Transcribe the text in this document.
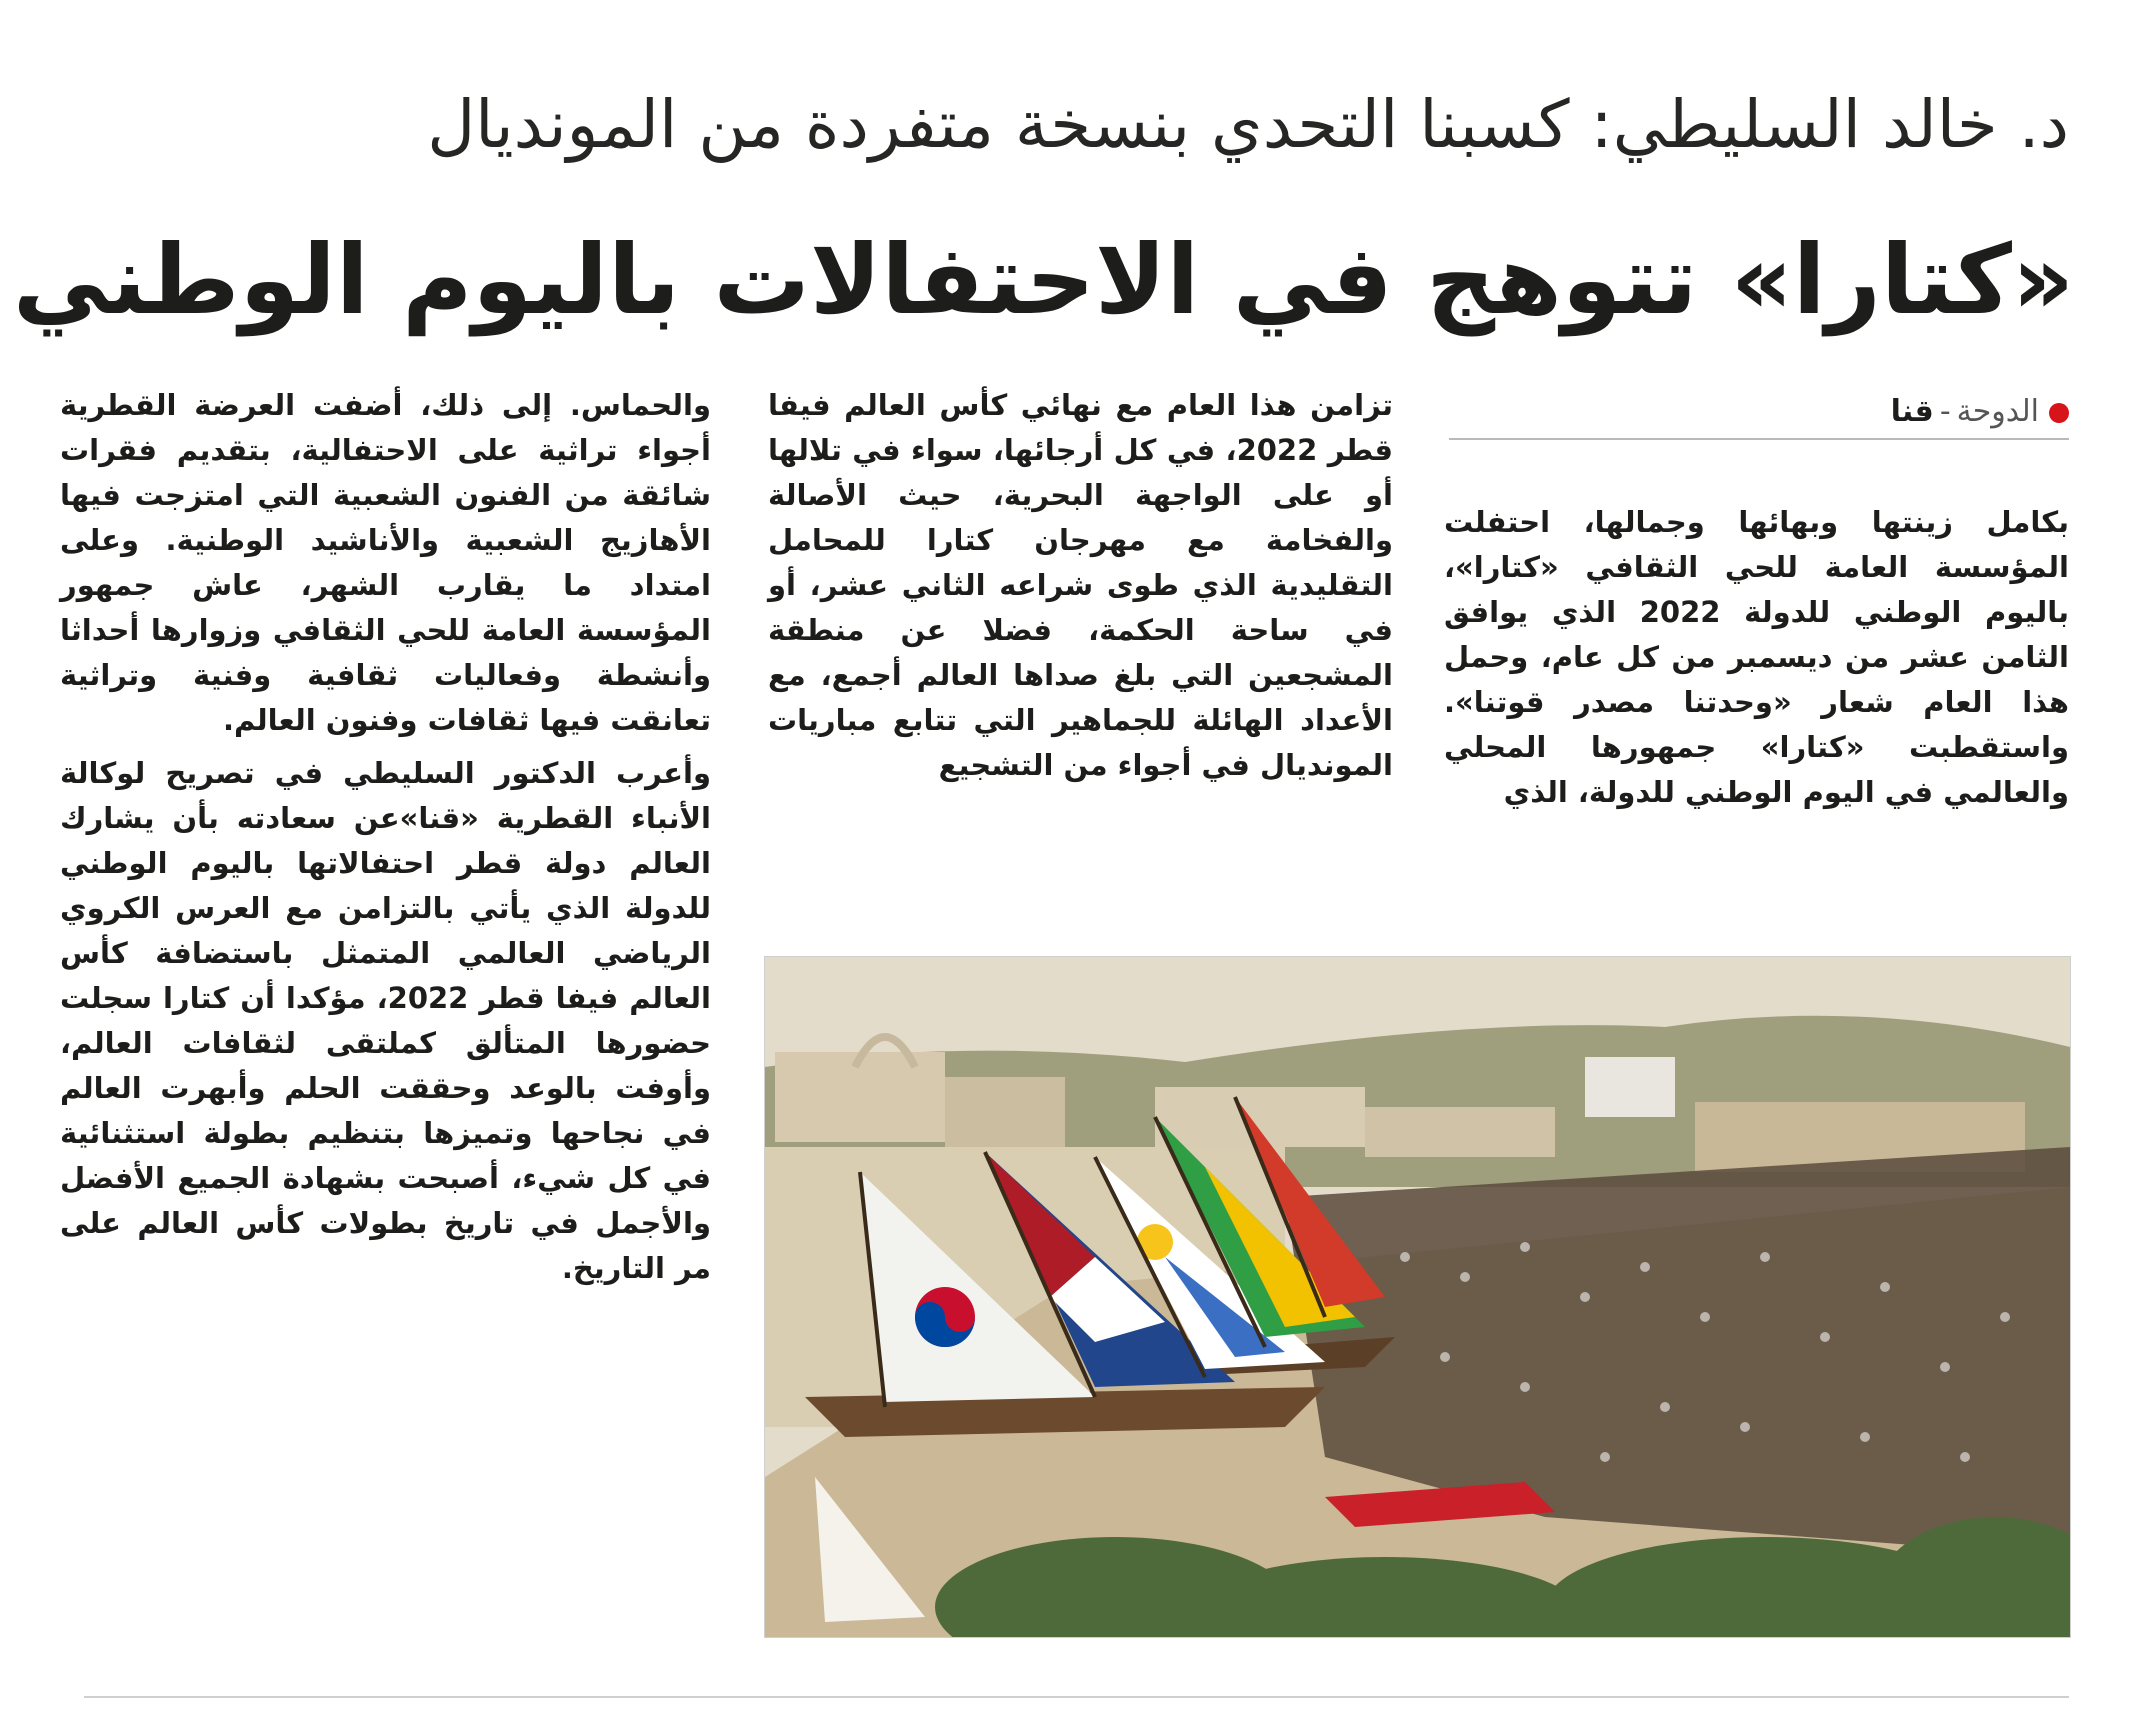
د. خالد السليطي: كسبنا التحدي بنسخة متفردة من المونديال
«كتارا» تتوهج في الاحتفالات باليوم الوطني
الدوحة-قنا

بكامل زينتها وبهائها وجمالها، احتفلت المؤسسة العامة للحي الثقافي «كتارا»، باليوم الوطني للدولة 2022 الذي يوافق الثامن عشر من ديسمبر من كل عام، وحمل هذا العام شعار «وحدتنا مصدر قوتنا». واستقطبت «كتارا» جمهورها المحلي والعالمي في اليوم الوطني للدولة، الذي

تزامن هذا العام مع نهائي كأس العالم فيفا قطر 2022، في كل أرجائها، سواء في تلالها أو على الواجهة البحرية، حيث الأصالة والفخامة مع مهرجان كتارا للمحامل التقليدية الذي طوى شراعه الثاني عشر، أو في ساحة الحكمة، فضلا عن منطقة المشجعين التي بلغ صداها العالم أجمع، مع الأعداد الهائلة للجماهير التي تتابع مباريات المونديال في أجواء من التشجيع

والحماس. إلى ذلك، أضفت العرضة القطرية أجواء تراثية على الاحتفالية، بتقديم فقرات شائقة من الفنون الشعبية التي امتزجت فيها الأهازيج الشعبية والأناشيد الوطنية. وعلى امتداد ما يقارب الشهر، عاش جمهور المؤسسة العامة للحي الثقافي وزوارها أحداثا وأنشطة وفعاليات ثقافية وفنية وتراثية تعانقت فيها ثقافات وفنون العالم.

وأعرب الدكتور السليطي في تصريح لوكالة الأنباء القطرية «قنا»عن سعادته بأن يشارك العالم دولة قطر احتفالاتها باليوم الوطني للدولة الذي يأتي بالتزامن مع العرس الكروي الرياضي العالمي المتمثل باستضافة كأس العالم فيفا قطر 2022، مؤكدا أن كتارا سجلت حضورها المتألق كملتقى لثقافات العالم، وأوفت بالوعد وحققت الحلم وأبهرت العالم في نجاحها وتميزها بتنظيم بطولة استثنائية في كل شيء، أصبحت بشهادة الجميع الأفضل والأجمل في تاريخ بطولات كأس العالم على مر التاريخ.
